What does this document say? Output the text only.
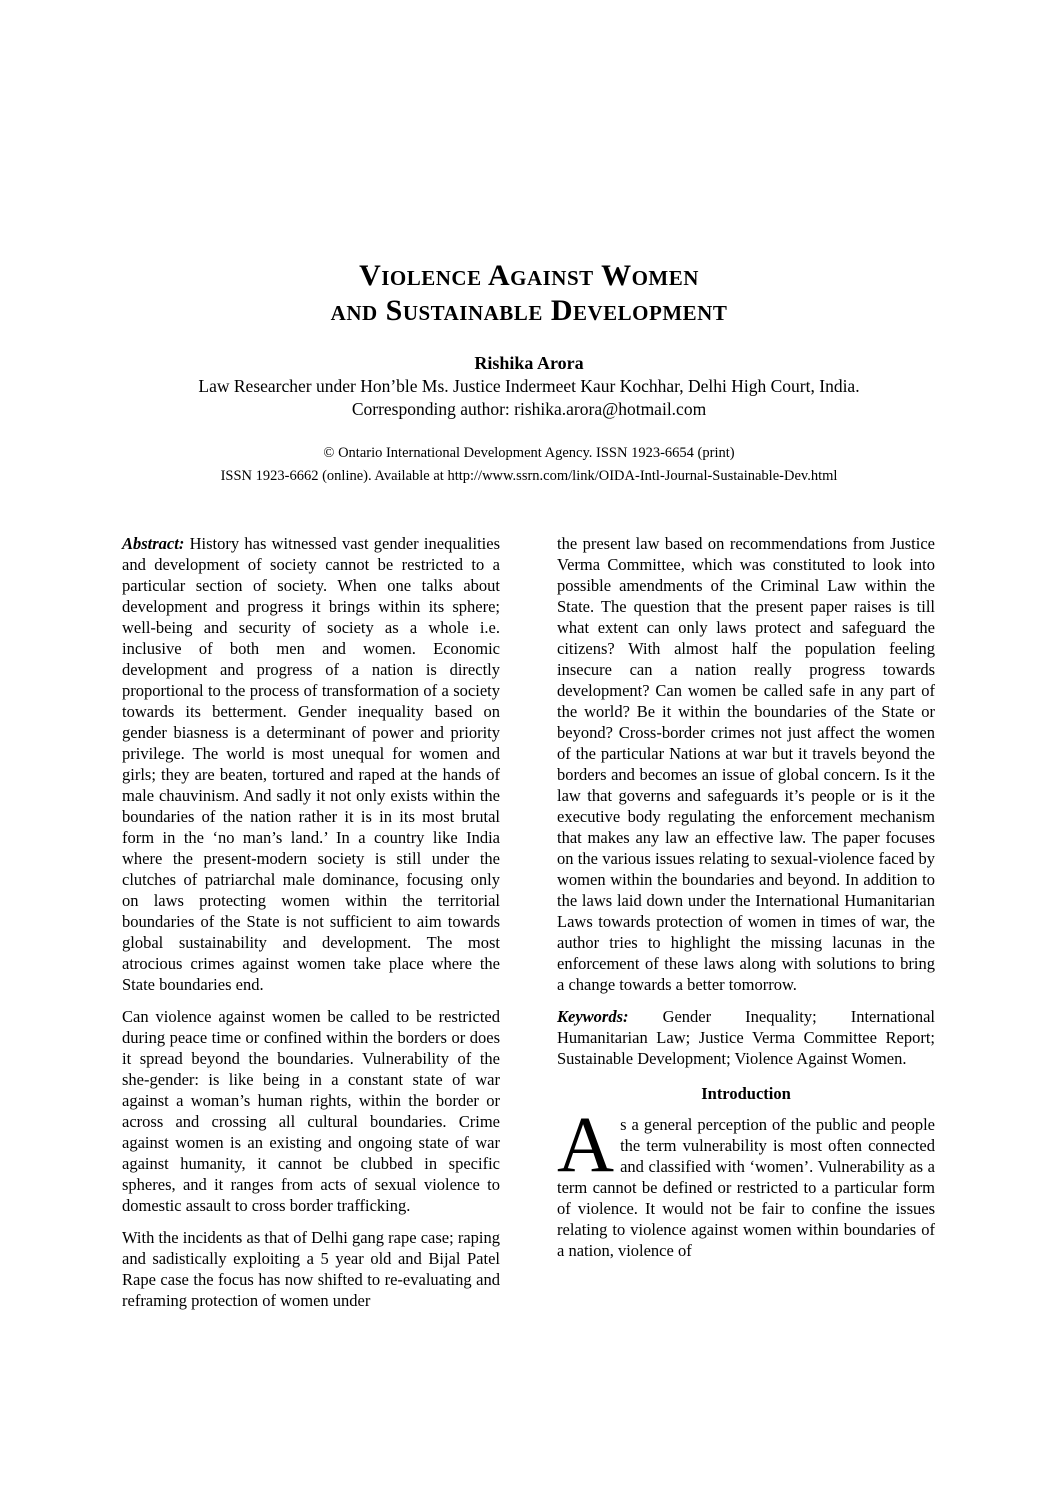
Violence Against Women
and Sustainable Development
Rishika Arora
Law Researcher under Hon’ble Ms. Justice Indermeet Kaur Kochhar, Delhi High Court, India.
Corresponding author: rishika.arora@hotmail.com
© Ontario International Development Agency. ISSN 1923-6654 (print)
ISSN 1923-6662 (online). Available at http://www.ssrn.com/link/OIDA-Intl-Journal-Sustainable-Dev.html

Abstract: History has witnessed vast gender inequalities and development of society cannot be restricted to a particular section of society. When one talks about development and progress it brings within its sphere; well-being and security of society as a whole i.e. inclusive of both men and women. Economic development and progress of a nation is directly proportional to the process of transformation of a society towards its betterment. Gender inequality based on gender biasness is a determinant of power and priority privilege. The world is most unequal for women and girls; they are beaten, tortured and raped at the hands of male chauvinism. And sadly it not only exists within the boundaries of the nation rather it is in its most brutal form in the ‘no man’s land.’ In a country like India where the present-modern society is still under the clutches of patriarchal male dominance, focusing only on laws protecting women within the territorial boundaries of the State is not sufficient to aim towards global sustainability and development. The most atrocious crimes against women take place where the State boundaries end.

Can violence against women be called to be restricted during peace time or confined within the borders or does it spread beyond the boundaries. Vulnerability of the she-gender: is like being in a constant state of war against a woman’s human rights, within the border or across and crossing all cultural boundaries. Crime against women is an existing and ongoing state of war against humanity, it cannot be clubbed in specific spheres, and it ranges from acts of sexual violence to domestic assault to cross border trafficking.

With the incidents as that of Delhi gang rape case; raping and sadistically exploiting a 5 year old and Bijal Patel Rape case the focus has now shifted to re-evaluating and reframing protection of women under

the present law based on recommendations from Justice Verma Committee, which was constituted to look into possible amendments of the Criminal Law within the State. The question that the present paper raises is till what extent can only laws protect and safeguard the citizens? With almost half the population feeling insecure can a nation really progress towards development? Can women be called safe in any part of the world? Be it within the boundaries of the State or beyond? Cross-border crimes not just affect the women of the particular Nations at war but it travels beyond the borders and becomes an issue of global concern. Is it the law that governs and safeguards it’s people or is it the executive body regulating the enforcement mechanism that makes any law an effective law. The paper focuses on the various issues relating to sexual-violence faced by women within the boundaries and beyond. In addition to the laws laid down under the International Humanitarian Laws towards protection of women in times of war, the author tries to highlight the missing lacunas in the enforcement of these laws along with solutions to bring a change towards a better tomorrow.

Keywords: Gender Inequality; International Humanitarian Law; Justice Verma Committee Report; Sustainable Development; Violence Against Women.

Introduction

As a general perception of the public and people the term vulnerability is most often connected and classified with ‘women’. Vulnerability as a term cannot be defined or restricted to a particular form of violence. It would not be fair to confine the issues relating to violence against women within boundaries of a nation, violence of
